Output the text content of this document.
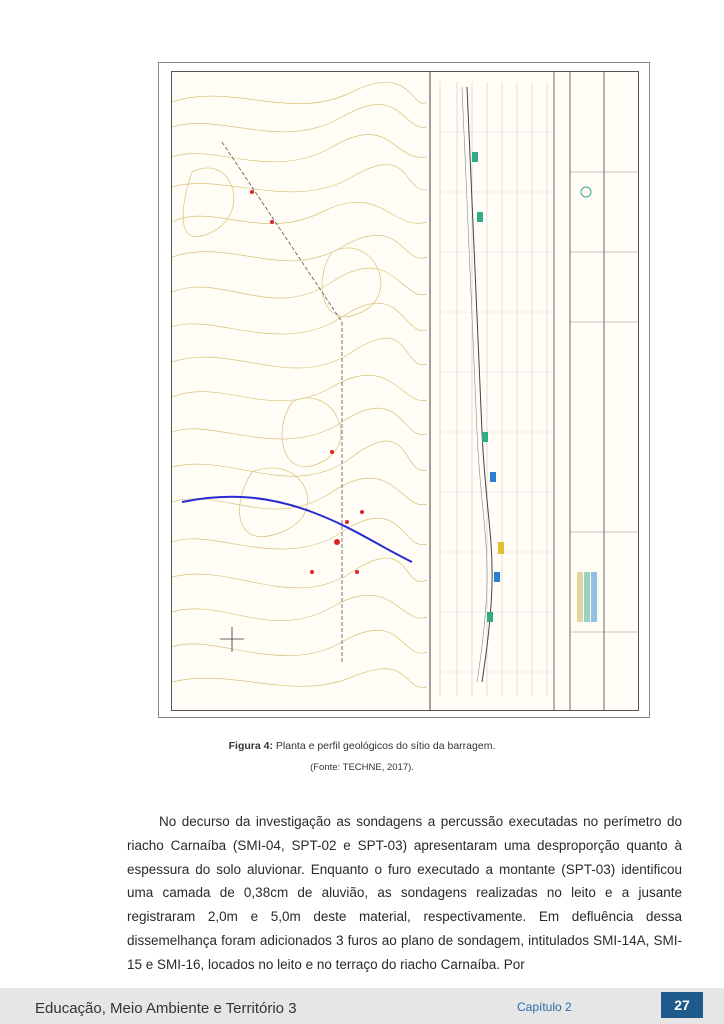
Figura 4: Planta e perfil geológicos do sítio da barragem.
(Fonte: TECHNE, 2017).

No decurso da investigação as sondagens a percussão executadas no perímetro do riacho Carnaíba (SMI-04, SPT-02 e SPT-03) apresentaram uma desproporção quanto à espessura do solo aluvionar. Enquanto o furo executado a montante (SPT-03) identificou uma camada de 0,38cm de aluvião, as sondagens realizadas no leito e a jusante registraram 2,0m e 5,0m deste material, respectivamente. Em defluência dessa dissemelhança foram adicionados 3 furos ao plano de sondagem, intitulados SMI-14A, SMI-15 e SMI-16, locados no leito e no terraço do riacho Carnaíba. Por

Educação, Meio Ambiente e Território 3	Capítulo 2	27
